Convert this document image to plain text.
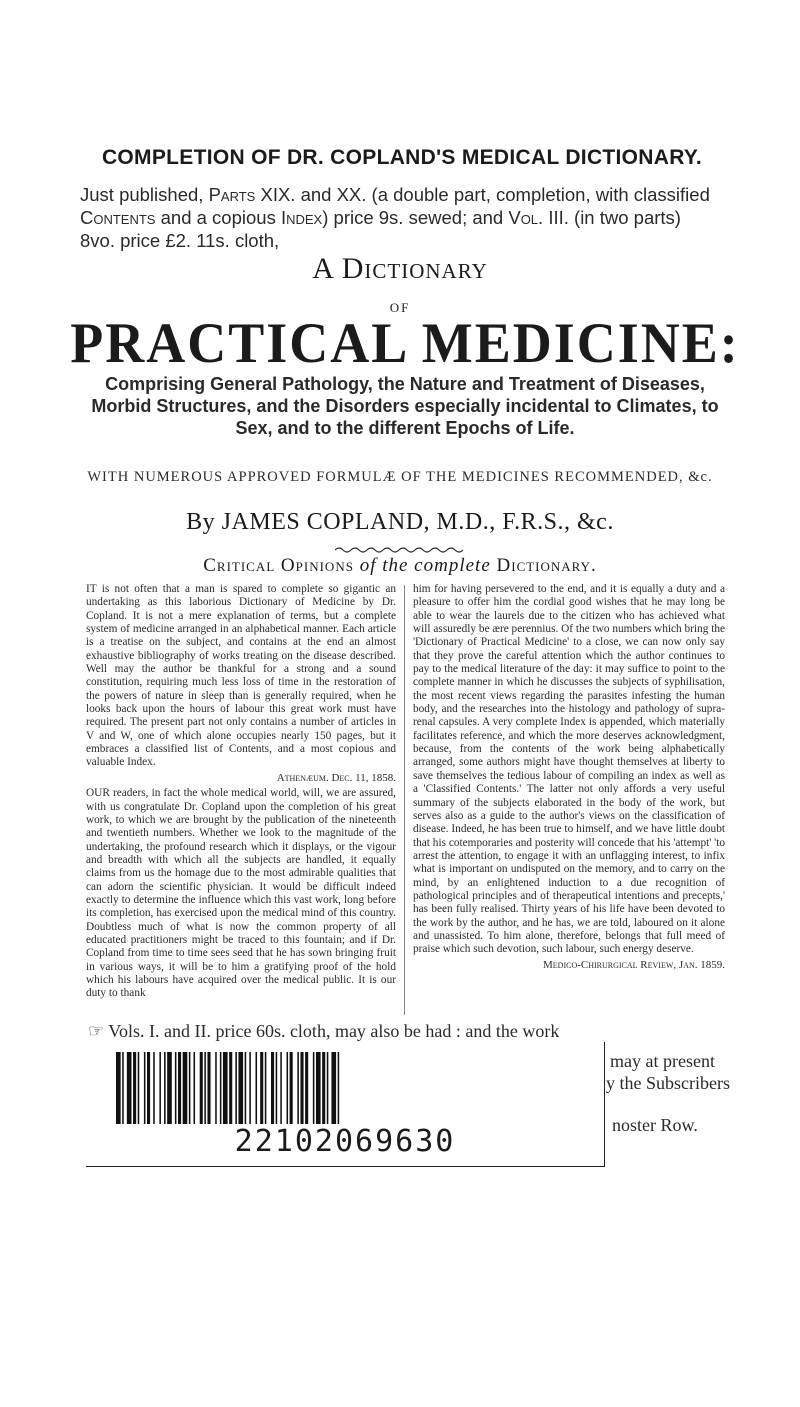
COMPLETION OF DR. COPLAND'S MEDICAL DICTIONARY.
Just published, Parts XIX. and XX. (a double part, completion, with classified Contents and a copious Index) price 9s. sewed; and Vol. III. (in two parts) 8vo. price £2. 11s. cloth,
A Dictionary
OF
PRACTICAL MEDICINE:
Comprising General Pathology, the Nature and Treatment of Diseases, Morbid Structures, and the Disorders especially incidental to Climates, to Sex, and to the different Epochs of Life.
WITH NUMEROUS APPROVED FORMULÆ OF THE MEDICINES RECOMMENDED, &c.
By JAMES COPLAND, M.D., F.R.S., &c.
Critical Opinions of the complete Dictionary.

IT is not often that a man is spared to complete so gigantic an undertaking as this laborious Dictionary of Medicine by Dr. Copland. It is not a mere explanation of terms, but a complete system of medicine arranged in an alphabetical manner. Each article is a treatise on the subject, and contains at the end an almost exhaustive bibliography of works treating on the disease described. Well may the author be thankful for a strong and a sound constitution, requiring much less loss of time in the restoration of the powers of nature in sleep than is generally required, when he looks back upon the hours of labour this great work must have required. The present part not only contains a number of articles in V and W, one of which alone occupies nearly 150 pages, but it embraces a classified list of Contents, and a most copious and valuable Index.

Athenæum. Dec. 11, 1858.

OUR readers, in fact the whole medical world, will, we are assured, with us congratulate Dr. Copland upon the completion of his great work, to which we are brought by the publication of the nineteenth and twentieth numbers. Whether we look to the magnitude of the undertaking, the profound research which it displays, or the vigour and breadth with which all the subjects are handled, it equally claims from us the homage due to the most admirable qualities that can adorn the scientific physician. It would be difficult indeed exactly to determine the influence which this vast work, long before its completion, has exercised upon the medical mind of this country. Doubtless much of what is now the common property of all educated practitioners might be traced to this fountain; and if Dr. Copland from time to time sees seed that he has sown bringing fruit in various ways, it will be to him a gratifying proof of the hold which his labours have acquired over the medical public. It is our duty to thank

him for having persevered to the end, and it is equally a duty and a pleasure to offer him the cordial good wishes that he may long be able to wear the laurels due to the citizen who has achieved what will assuredly be ære perennius. Of the two numbers which bring the 'Dictionary of Practical Medicine' to a close, we can now only say that they prove the careful attention which the author continues to pay to the medical literature of the day: it may suffice to point to the complete manner in which he discusses the subjects of syphilisation, the most recent views regarding the parasites infesting the human body, and the researches into the histology and pathology of supra-renal capsules. A very complete Index is appended, which materially facilitates reference, and which the more deserves acknowledgment, because, from the contents of the work being alphabetically arranged, some authors might have thought themselves at liberty to save themselves the tedious labour of compiling an index as well as a 'Classified Contents.' The latter not only affords a very useful summary of the subjects elaborated in the body of the work, but serves also as a guide to the author's views on the classification of disease. Indeed, he has been true to himself, and we have little doubt that his cotemporaries and posterity will concede that his 'attempt' 'to arrest the attention, to engage it with an unflagging interest, to infix what is important on undisputed on the memory, and to carry on the mind, by an enlightened induction to a due recognition of pathological principles and of therapeutical intentions and precepts,' has been fully realised. Thirty years of his life have been devoted to the work by the author, and he has, we are told, laboured on it alone and unassisted. To him alone, therefore, belongs that full meed of praise which such devotion, such labour, such energy deserve.

Medico-Chirurgical Review, Jan. 1859.

☞ Vols. I. and II. price 60s. cloth, may also be had : and the work
may at present
y the Subscribers
noster Row.
22102069630
